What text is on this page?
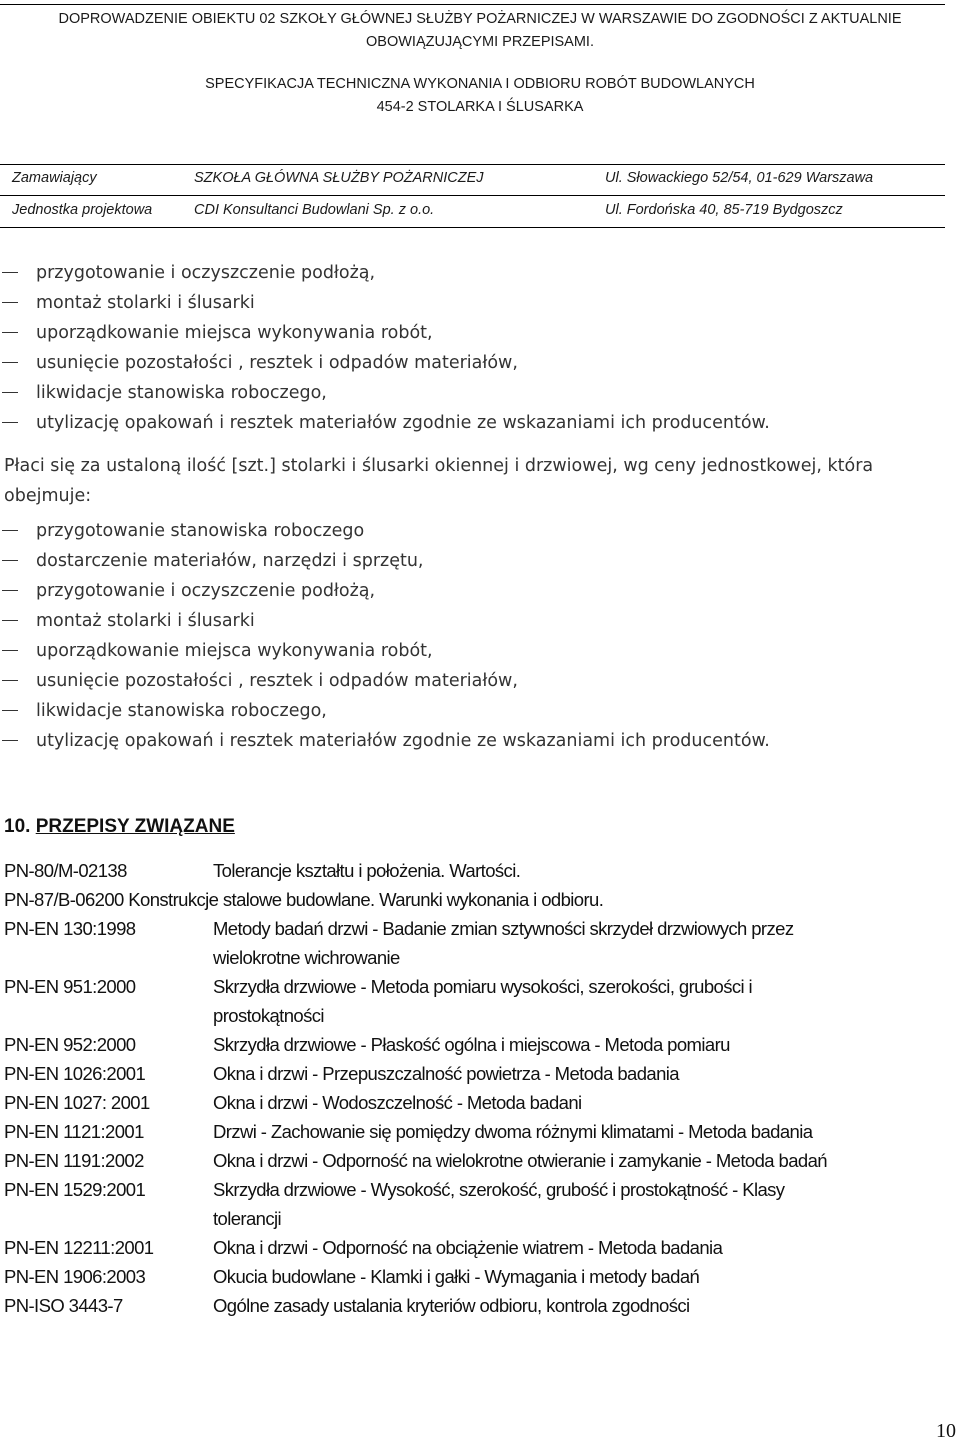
DOPROWADZENIE OBIEKTU 02 SZKOŁY GŁÓWNEJ SŁUŻBY POŻARNICZEJ W WARSZAWIE DO ZGODNOŚCI Z AKTUALNIE
OBOWIĄZUJĄCYMI PRZEPISAMI.
SPECYFIKACJA TECHNICZNA WYKONANIA I ODBIORU ROBÓT BUDOWLANYCH
454-2 STOLARKA I ŚLUSARKA
Zamawiający	SZKOŁA GŁÓWNA SŁUŻBY POŻARNICZEJ	Ul. Słowackiego 52/54, 01-629 Warszawa
Jednostka projektowa	CDI Konsultanci Budowlani Sp. z o.o.	Ul. Fordońska 40, 85-719 Bydgoszcz
przygotowanie i oczyszczenie podłożą,
montaż stolarki i ślusarki
uporządkowanie miejsca wykonywania robót,
usunięcie pozostałości , resztek i odpadów materiałów,
likwidacje stanowiska roboczego,
utylizację opakowań i resztek materiałów zgodnie ze wskazaniami ich producentów.
Płaci się za ustaloną ilość [szt.] stolarki i ślusarki okiennej i drzwiowej, wg ceny jednostkowej, która obejmuje:
przygotowanie stanowiska roboczego
dostarczenie materiałów, narzędzi i sprzętu,
przygotowanie i oczyszczenie podłożą,
montaż stolarki i ślusarki
uporządkowanie miejsca wykonywania robót,
usunięcie pozostałości , resztek i odpadów materiałów,
likwidacje stanowiska roboczego,
utylizację opakowań i resztek materiałów zgodnie ze wskazaniami ich producentów.
10. PRZEPISY ZWIĄZANE
PN-80/M-02138	Tolerancje kształtu i położenia. Wartości.
PN-87/B-06200 Konstrukcje stalowe budowlane. Warunki wykonania i odbioru.
PN-EN 130:1998	Metody badań drzwi - Badanie zmian sztywności skrzydeł drzwiowych przez wielokrotne wichrowanie
PN-EN 951:2000	Skrzydła drzwiowe - Metoda pomiaru wysokości, szerokości, grubości i prostokątności
PN-EN 952:2000	Skrzydła drzwiowe - Płaskość ogólna i miejscowa - Metoda pomiaru
PN-EN 1026:2001	Okna i drzwi - Przepuszczalność powietrza - Metoda badania
PN-EN 1027: 2001	Okna i drzwi - Wodoszczelność - Metoda badani
PN-EN 1121:2001	Drzwi - Zachowanie się pomiędzy dwoma różnymi klimatami - Metoda badania
PN-EN 1191:2002	Okna i drzwi - Odporność na wielokrotne otwieranie i zamykanie - Metoda badań
PN-EN 1529:2001	Skrzydła drzwiowe - Wysokość, szerokość, grubość i prostokątność - Klasy tolerancji
PN-EN 12211:2001	Okna i drzwi - Odporność na obciążenie wiatrem - Metoda badania
PN-EN 1906:2003	Okucia budowlane - Klamki i gałki - Wymagania i metody badań
PN-ISO 3443-7	Ogólne zasady ustalania kryteriów odbioru, kontrola zgodności
10
